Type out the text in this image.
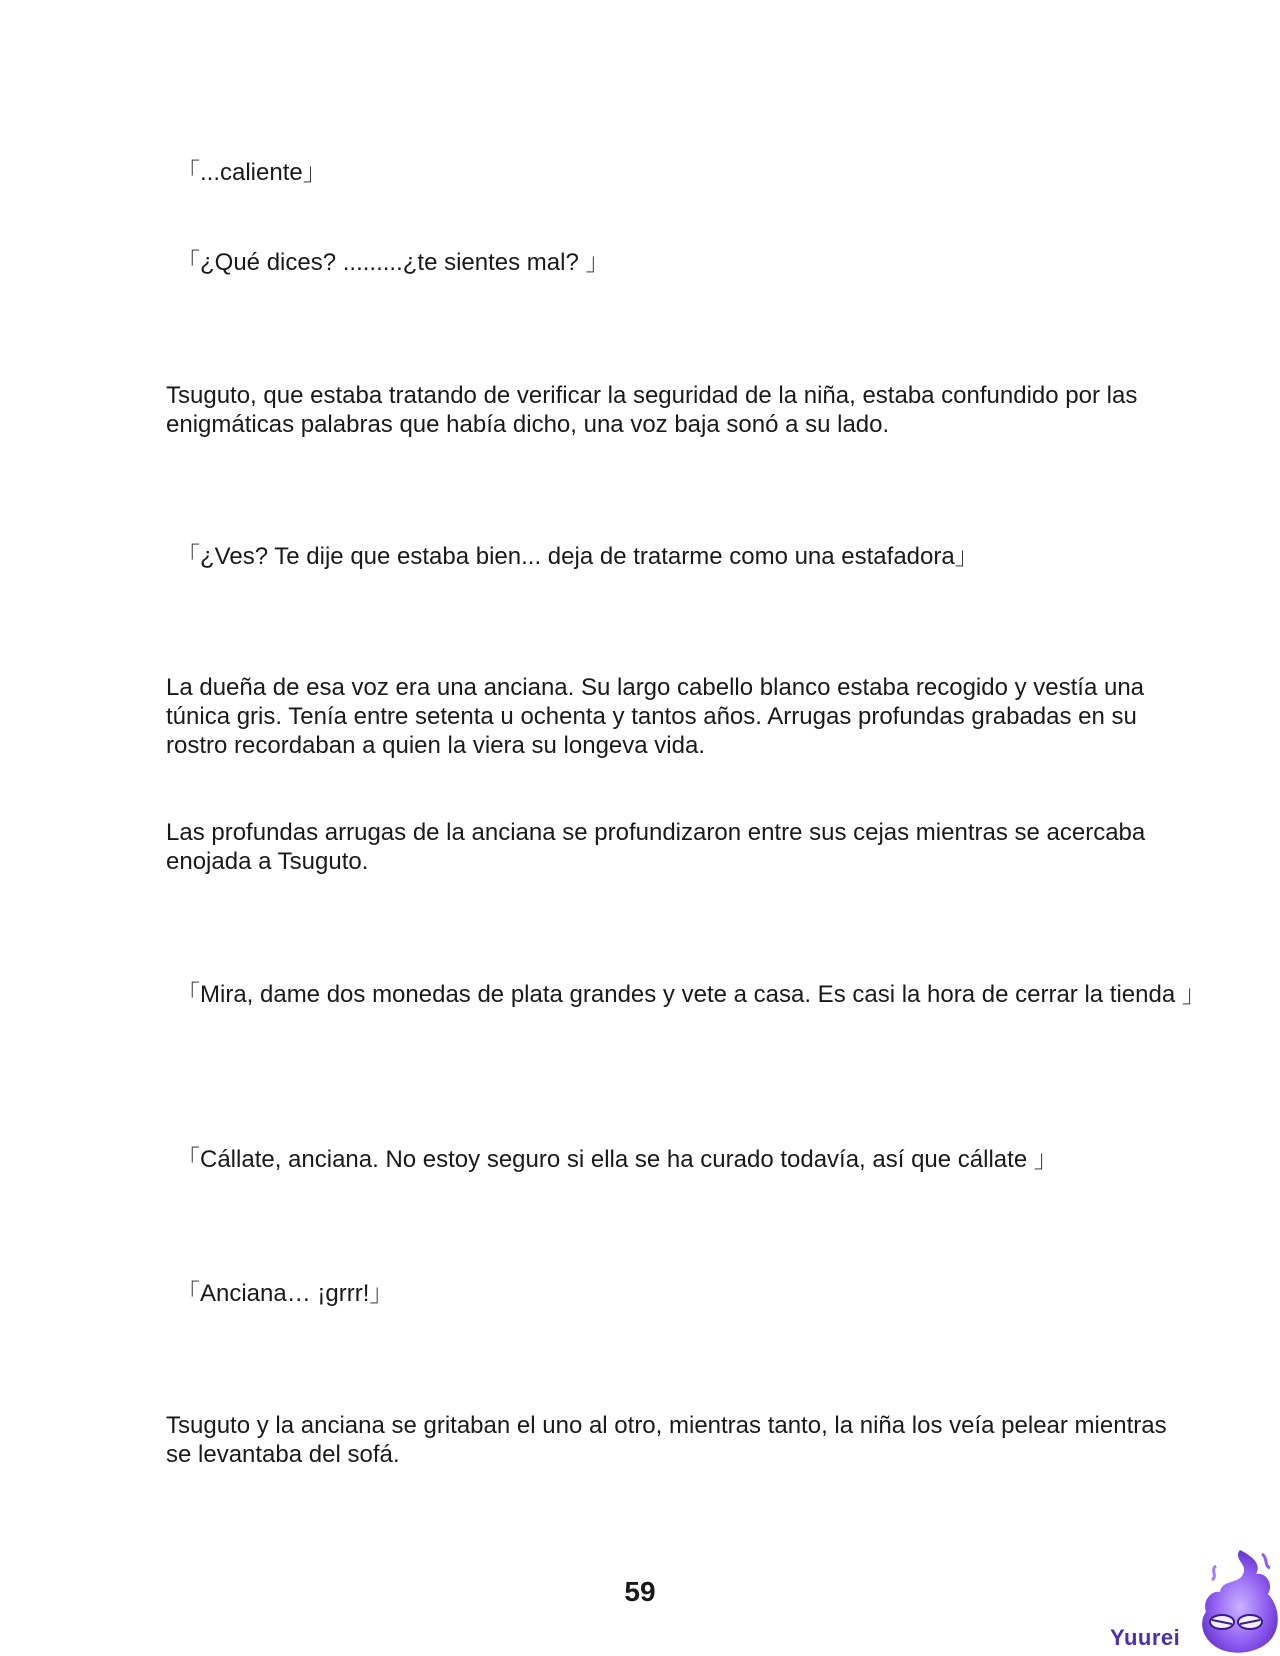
「...caliente」

「¿Qué dices? .........¿te sientes mal? 」

Tsuguto, que estaba tratando de verificar la seguridad de la niña, estaba confundido por las enigmáticas palabras que había dicho, una voz baja sonó a su lado.

「¿Ves? Te dije que estaba bien... deja de tratarme como una estafadora」

La dueña de esa voz era una anciana. Su largo cabello blanco estaba recogido y vestía una túnica gris. Tenía entre setenta u ochenta y tantos años. Arrugas profundas grabadas en su rostro recordaban a quien la viera su longeva vida.

Las profundas arrugas de la anciana se profundizaron entre sus cejas mientras se acercaba enojada a Tsuguto.

「Mira, dame dos monedas de plata grandes y vete a casa. Es casi la hora de cerrar la tienda 」

「Cállate, anciana. No estoy seguro si ella se ha curado todavía, así que cállate 」

「Anciana… ¡grrr!」

Tsuguto y la anciana se gritaban el uno al otro, mientras tanto, la niña los veía pelear mientras se levantaba del sofá.

59
Yuurei
